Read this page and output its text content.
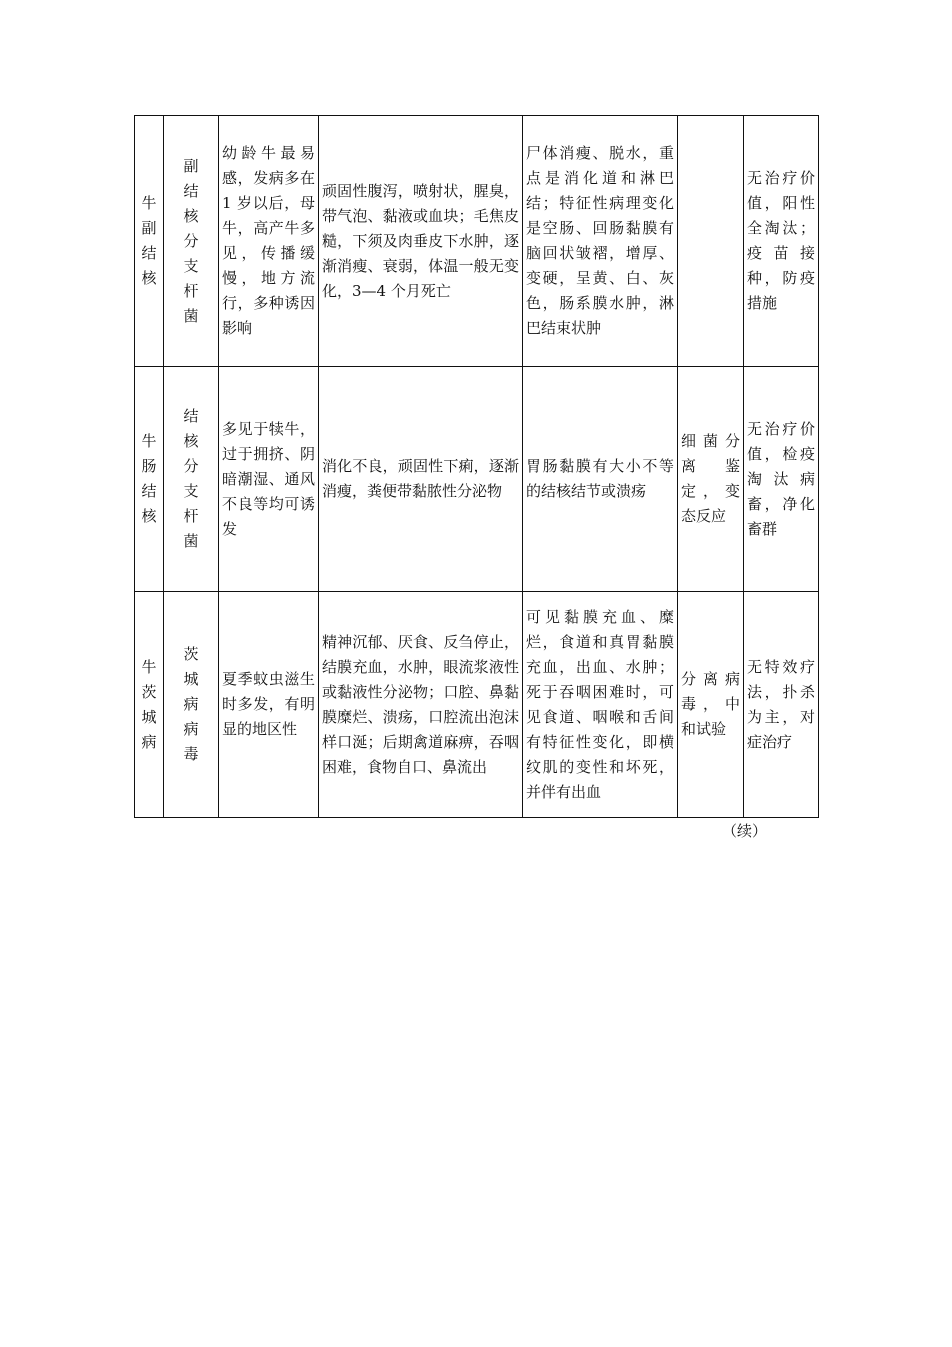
牛副结核	副结核分支杆菌	幼龄牛最易感，发病多在 1 岁以后，母牛，高产牛多见，传播缓慢，地方流行，多种诱因影响	顽固性腹泻，喷射状，腥臭，带气泡、黏液或血块；毛焦皮糙，下须及肉垂皮下水肿，逐渐消瘦、衰弱，体温一般无变化，3—4 个月死亡	尸体消瘦、脱水，重点是消化道和淋巴结；特征性病理变化是空肠、回肠黏膜有脑回状皱褶，增厚、变硬，呈黄、白、灰色，肠系膜水肿，淋巴结束状肿		无治疗价值，阳性全淘汰；疫苗接种，防疫措施
牛肠结核	结核分支杆菌	多见于犊牛，过于拥挤、阴暗潮湿、通风不良等均可诱发	消化不良，顽固性下痢，逐渐消瘦，粪便带黏脓性分泌物	胃肠黏膜有大小不等的结核结节或溃疡	细菌分离鉴定，变态反应	无治疗价值，检疫淘汰病畜，净化畜群
牛茨城病	茨城病病毒	夏季蚊虫滋生时多发，有明显的地区性	精神沉郁、厌食、反刍停止，结膜充血，水肿，眼流浆液性或黏液性分泌物；口腔、鼻黏膜糜烂、溃疡，口腔流出泡沫样口涎；后期禽道麻痹，吞咽困难，食物自口、鼻流出	可见黏膜充血、糜烂，食道和真胃黏膜充血，出血、水肿；死于吞咽困难时，可见食道、咽喉和舌间有特征性变化，即横纹肌的变性和坏死，并伴有出血	分离病毒，中和试验	无特效疗法，扑杀为主，对症治疗
（续）
